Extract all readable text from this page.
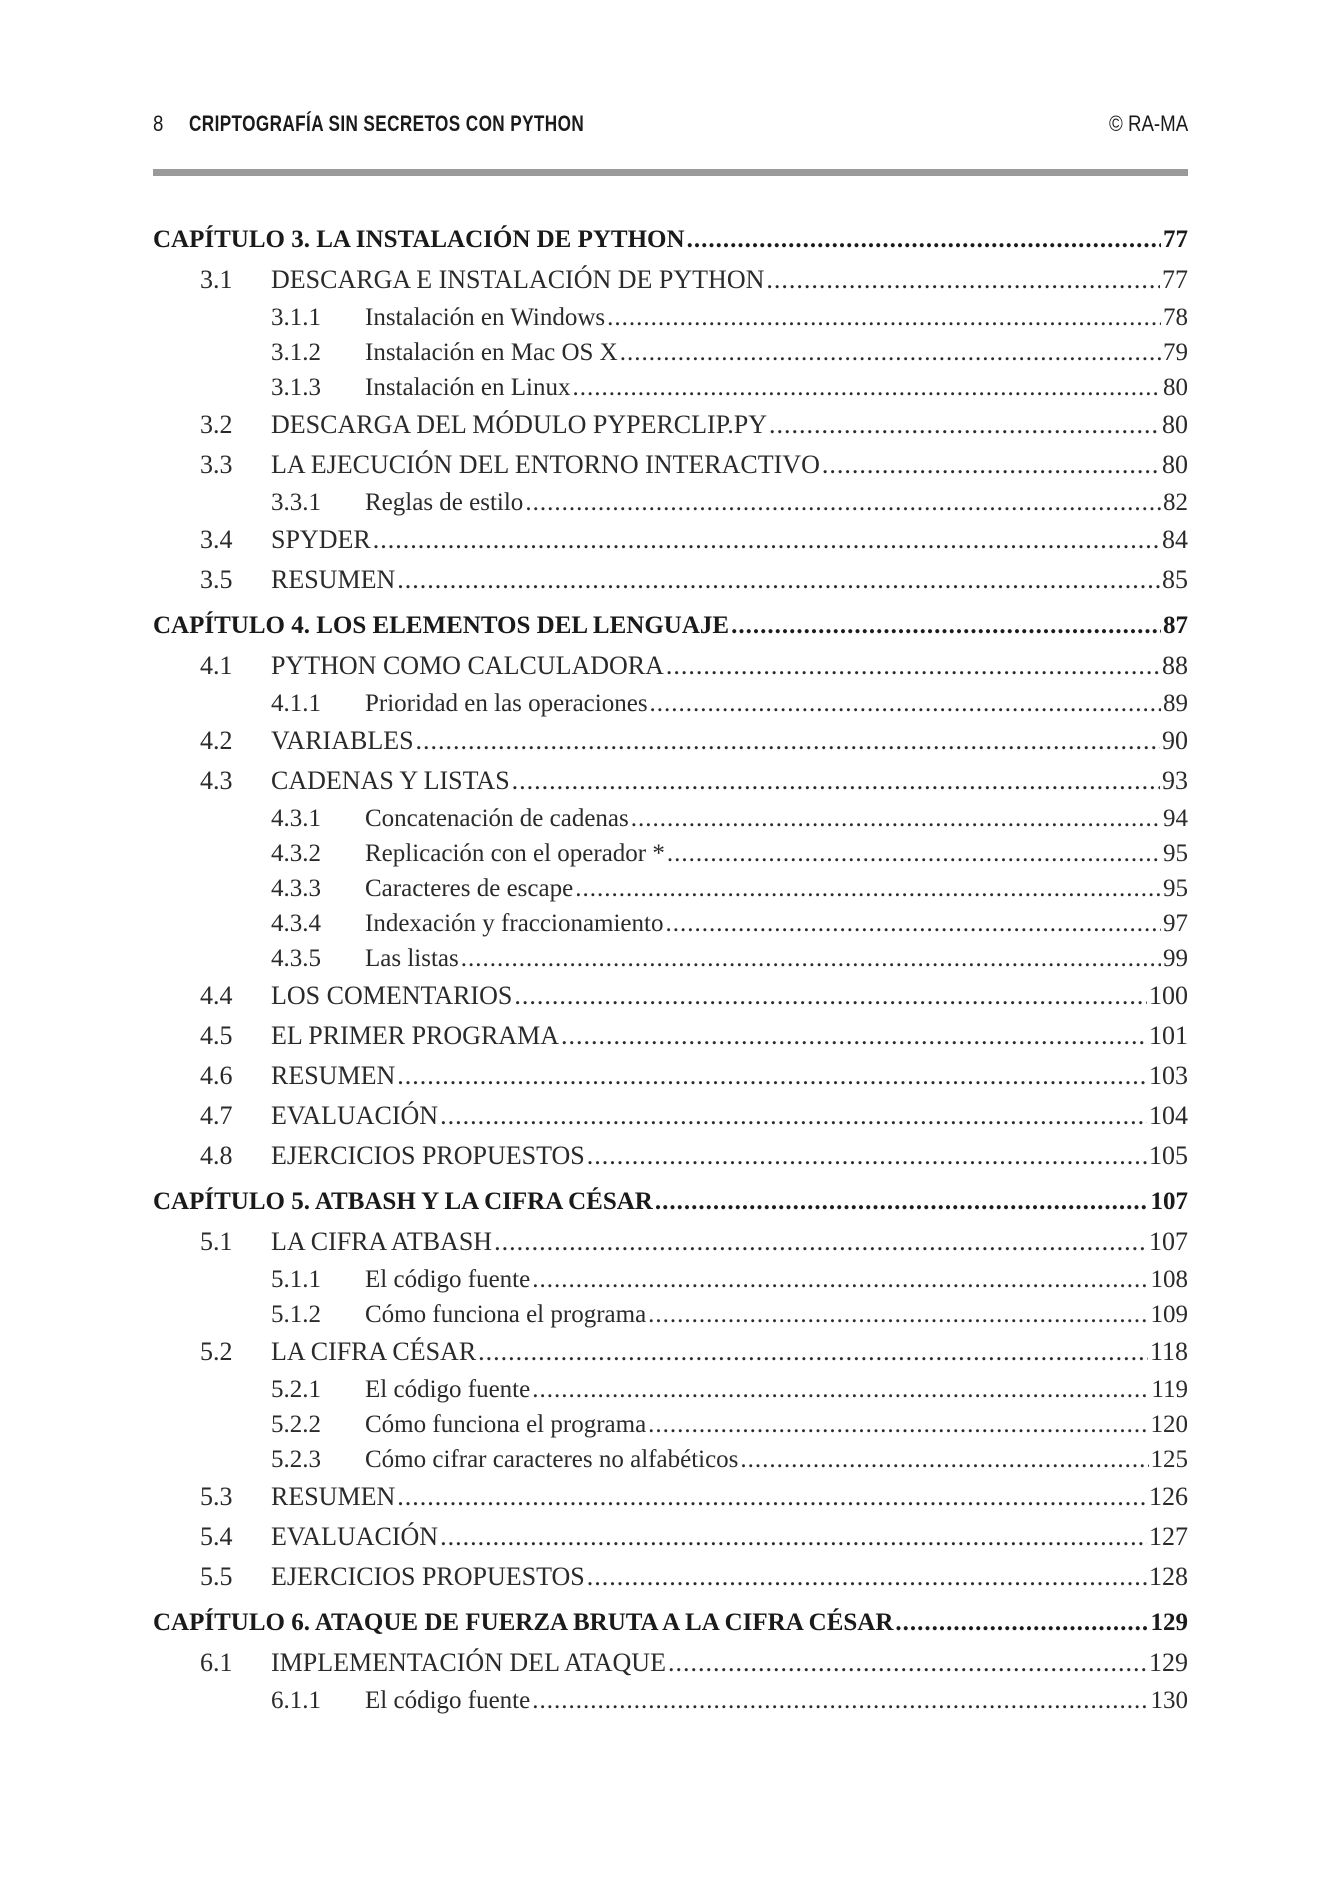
8 CRIPTOGRAFÍA SIN SECRETOS CON PYTHON	© RA-MA
CAPÍTULO 3. LA INSTALACIÓN DE PYTHON .....	77
3.1	DESCARGA E INSTALACIÓN DE PYTHON .....	77
3.1.1	Instalación en Windows .....	78
3.1.2	Instalación en Mac OS X .....	79
3.1.3	Instalación en Linux .....	80
3.2	DESCARGA DEL MÓDULO PYPERCLIP.PY .....	80
3.3	LA EJECUCIÓN DEL ENTORNO INTERACTIVO .....	80
3.3.1	Reglas de estilo .....	82
3.4	SPYDER .....	84
3.5	RESUMEN .....	85
CAPÍTULO 4. LOS ELEMENTOS DEL LENGUAJE .....	87
4.1	PYTHON COMO CALCULADORA .....	88
4.1.1	Prioridad en las operaciones .....	89
4.2	VARIABLES .....	90
4.3	CADENAS Y LISTAS .....	93
4.3.1	Concatenación de cadenas .....	94
4.3.2	Replicación con el operador * .....	95
4.3.3	Caracteres de escape .....	95
4.3.4	Indexación y fraccionamiento .....	97
4.3.5	Las listas .....	99
4.4	LOS COMENTARIOS .....	100
4.5	EL PRIMER PROGRAMA .....	101
4.6	RESUMEN .....	103
4.7	EVALUACIÓN .....	104
4.8	EJERCICIOS PROPUESTOS .....	105
CAPÍTULO 5. ATBASH Y LA CIFRA CÉSAR .....	107
5.1	LA CIFRA ATBASH .....	107
5.1.1	El código fuente .....	108
5.1.2	Cómo funciona el programa .....	109
5.2	LA CIFRA CÉSAR .....	118
5.2.1	El código fuente .....	119
5.2.2	Cómo funciona el programa .....	120
5.2.3	Cómo cifrar caracteres no alfabéticos .....	125
5.3	RESUMEN .....	126
5.4	EVALUACIÓN .....	127
5.5	EJERCICIOS PROPUESTOS .....	128
CAPÍTULO 6. ATAQUE DE FUERZA BRUTA A LA CIFRA CÉSAR .....	129
6.1	IMPLEMENTACIÓN DEL ATAQUE .....	129
6.1.1	El código fuente .....	130
